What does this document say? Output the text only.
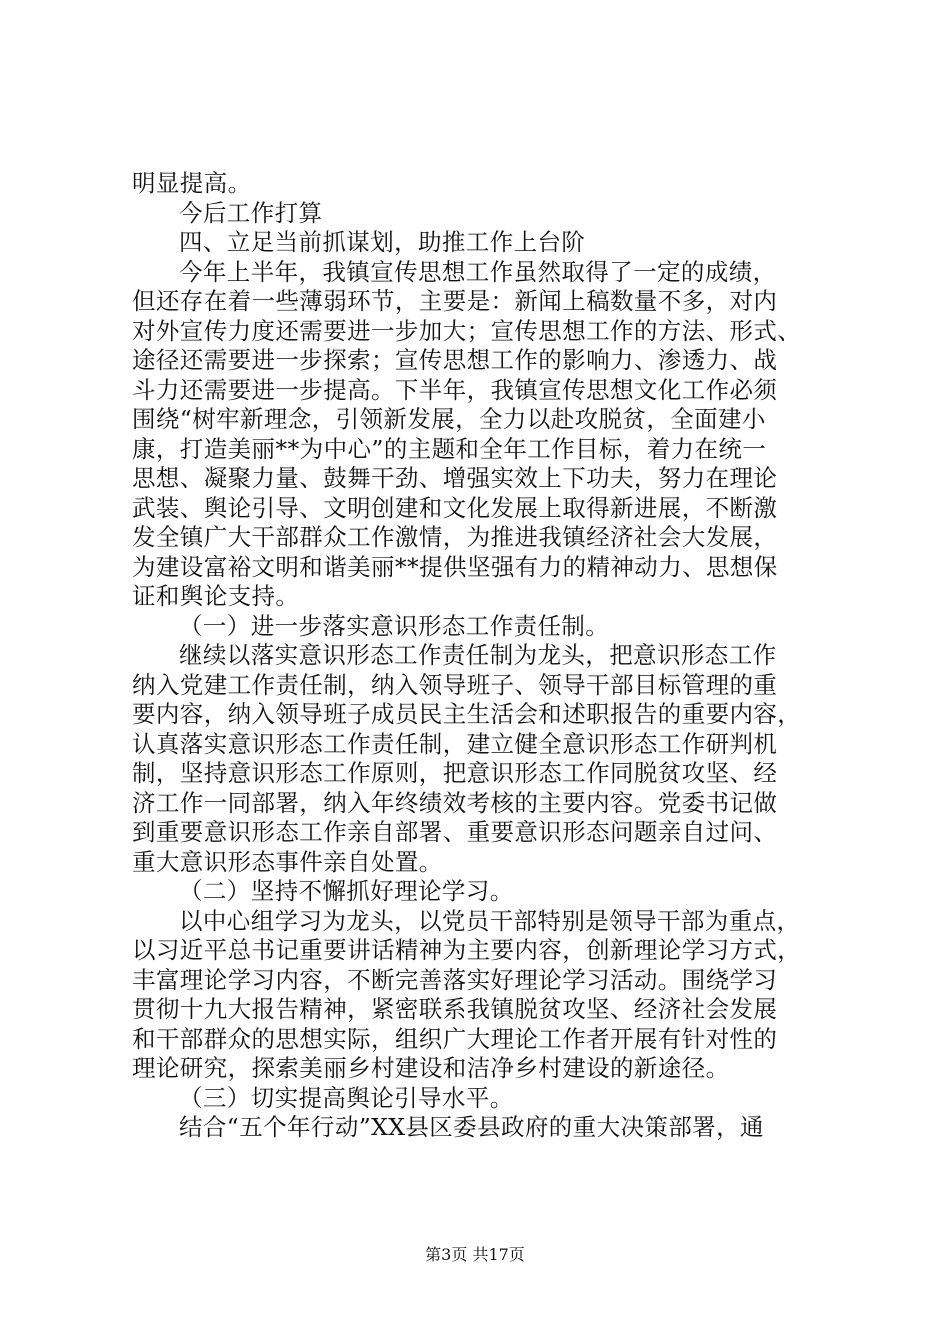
明显提高。
今后工作打算
四、立足当前抓谋划，助推工作上台阶
今年上半年，我镇宣传思想工作虽然取得了一定的成绩，
但还存在着一些薄弱环节，主要是：新闻上稿数量不多，对内
对外宣传力度还需要进一步加大；宣传思想工作的方法、形式、
途径还需要进一步探索；宣传思想工作的影响力、渗透力、战
斗力还需要进一步提高。下半年，我镇宣传思想文化工作必须
围绕“树牢新理念，引领新发展，全力以赴攻脱贫，全面建小
康，打造美丽**为中心”的主题和全年工作目标，着力在统一
思想、凝聚力量、鼓舞干劲、增强实效上下功夫，努力在理论
武装、舆论引导、文明创建和文化发展上取得新进展，不断激
发全镇广大干部群众工作激情，为推进我镇经济社会大发展，
为建设富裕文明和谐美丽**提供坚强有力的精神动力、思想保
证和舆论支持。
（一）进一步落实意识形态工作责任制。
继续以落实意识形态工作责任制为龙头，把意识形态工作
纳入党建工作责任制，纳入领导班子、领导干部目标管理的重
要内容，纳入领导班子成员民主生活会和述职报告的重要内容，
认真落实意识形态工作责任制，建立健全意识形态工作研判机
制，坚持意识形态工作原则，把意识形态工作同脱贫攻坚、经
济工作一同部署，纳入年终绩效考核的主要内容。党委书记做
到重要意识形态工作亲自部署、重要意识形态问题亲自过问、
重大意识形态事件亲自处置。
（二）坚持不懈抓好理论学习。
以中心组学习为龙头，以党员干部特别是领导干部为重点，
以习近平总书记重要讲话精神为主要内容，创新理论学习方式，
丰富理论学习内容，不断完善落实好理论学习活动。围绕学习
贯彻十九大报告精神，紧密联系我镇脱贫攻坚、经济社会发展
和干部群众的思想实际，组织广大理论工作者开展有针对性的
理论研究，探索美丽乡村建设和洁净乡村建设的新途径。
（三）切实提高舆论引导水平。
结合“五个年行动”XX县区委县政府的重大决策部署，通
第3页 共17页
